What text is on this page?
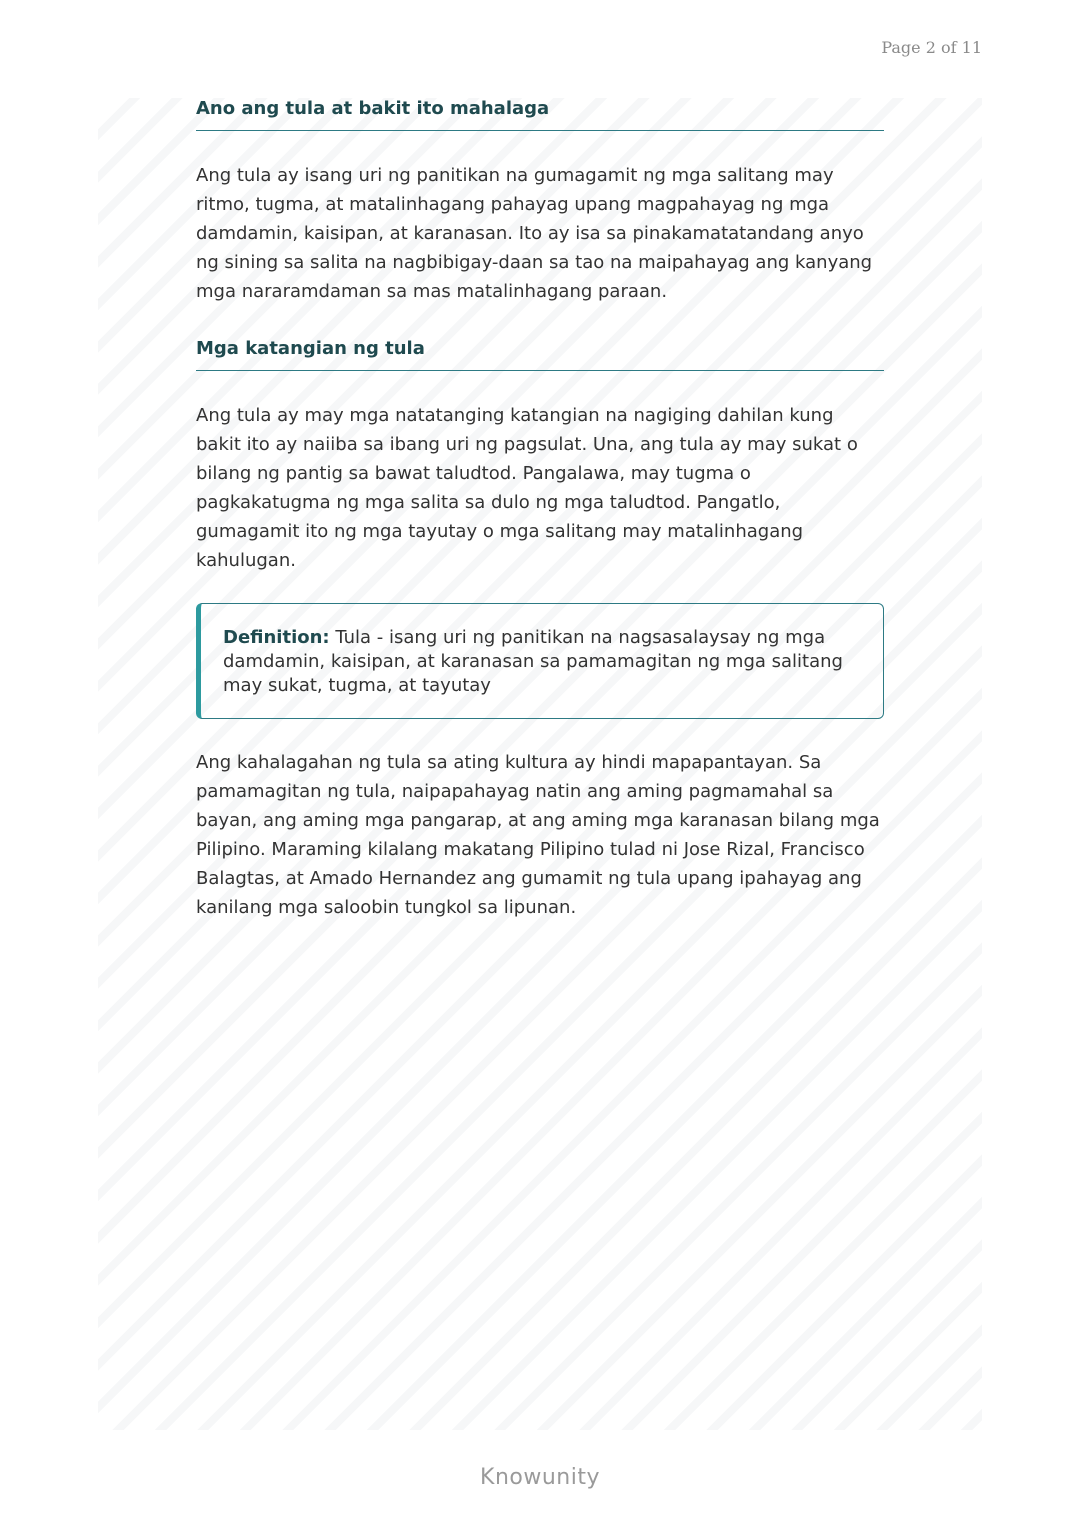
Page 2 of 11
Ano ang tula at bakit ito mahalaga

Ang tula ay isang uri ng panitikan na gumagamit ng mga salitang may ritmo, tugma, at matalinhagang pahayag upang magpahayag ng mga damdamin, kaisipan, at karanasan. Ito ay isa sa pinakamatatandang anyo ng sining sa salita na nagbibigay-daan sa tao na maipahayag ang kanyang mga nararamdaman sa mas matalinhagang paraan.

Mga katangian ng tula

Ang tula ay may mga natatanging katangian na nagiging dahilan kung bakit ito ay naiiba sa ibang uri ng pagsulat. Una, ang tula ay may sukat o bilang ng pantig sa bawat taludtod. Pangalawa, may tugma o pagkakatugma ng mga salita sa dulo ng mga taludtod. Pangatlo, gumagamit ito ng mga tayutay o mga salitang may matalinhagang kahulugan.

Definition: Tula - isang uri ng panitikan na nagsasalaysay ng mga damdamin, kaisipan, at karanasan sa pamamagitan ng mga salitang may sukat, tugma, at tayutay

Ang kahalagahan ng tula sa ating kultura ay hindi mapapantayan. Sa pamamagitan ng tula, naipapahayag natin ang aming pagmamahal sa bayan, ang aming mga pangarap, at ang aming mga karanasan bilang mga Pilipino. Maraming kilalang makatang Pilipino tulad ni Jose Rizal, Francisco Balagtas, at Amado Hernandez ang gumamit ng tula upang ipahayag ang kanilang mga saloobin tungkol sa lipunan.

Knowunity
